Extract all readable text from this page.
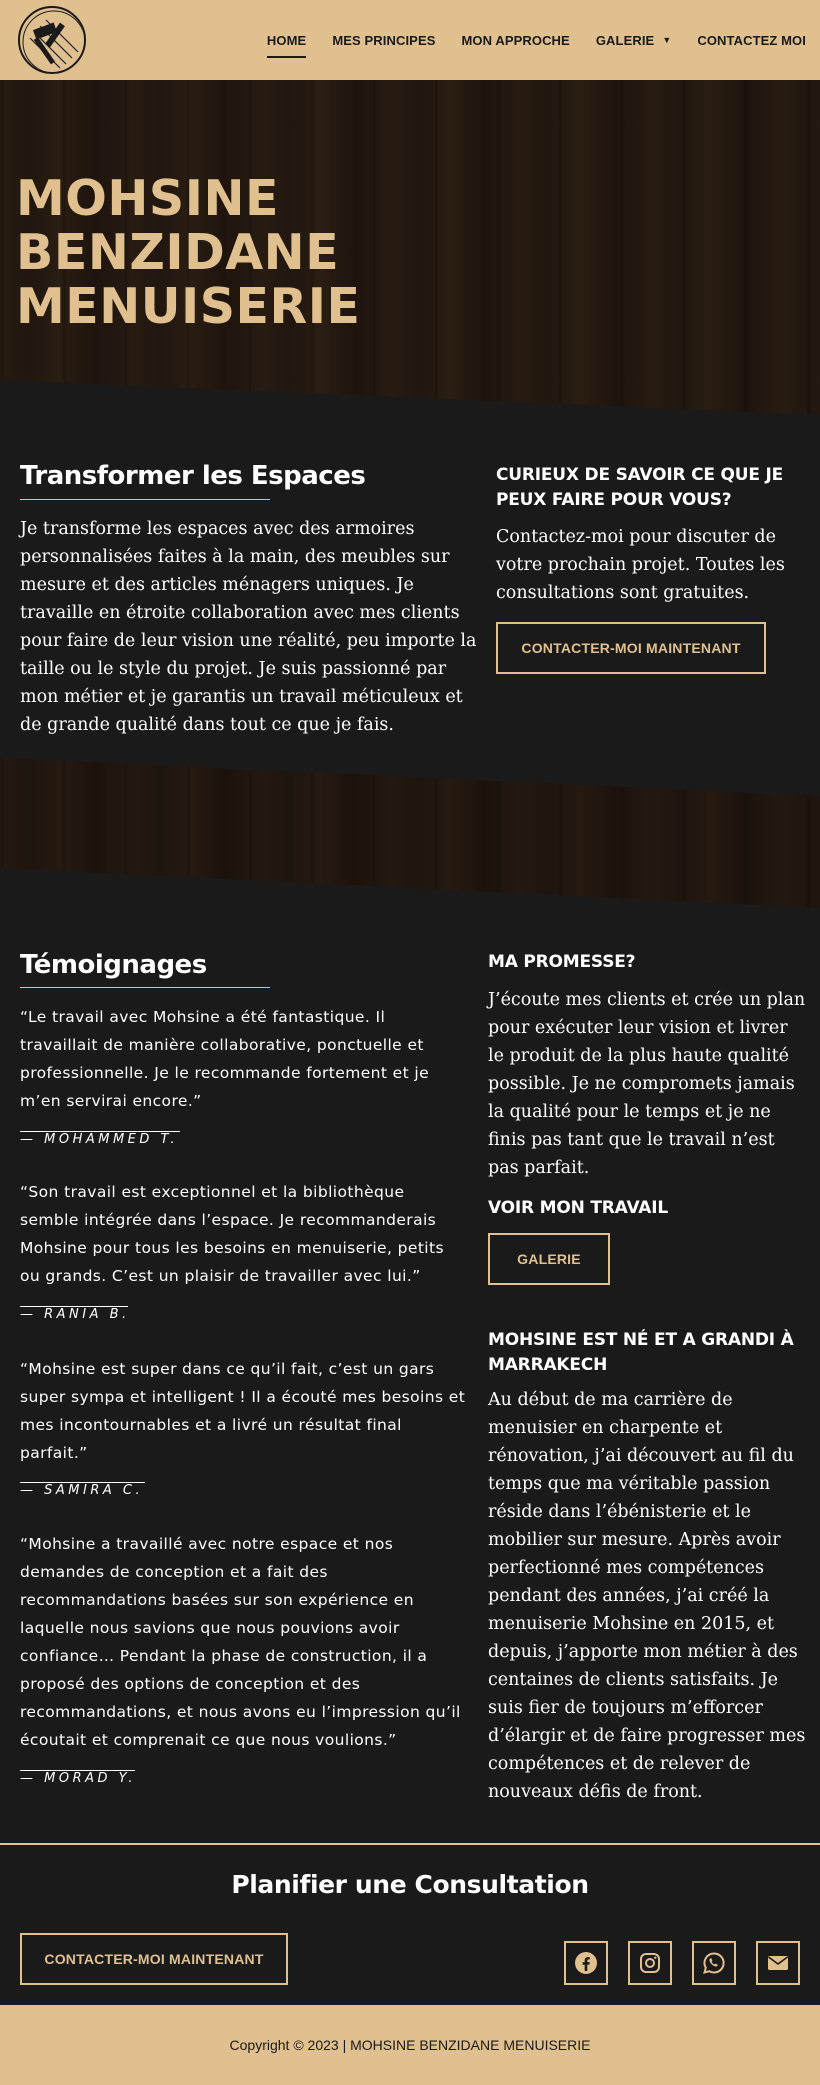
HOME MES PRINCIPES MON APPROCHE GALERIE ▼ CONTACTEZ MOI
MOHSINE
BENZIDANE
MENUISERIE
Transformer les Espaces
Je transforme les espaces avec des armoires personnalisées faites à la main, des meubles sur mesure et des articles ménagers uniques. Je travaille en étroite collaboration avec mes clients pour faire de leur vision une réalité, peu importe la taille ou le style du projet. Je suis passionné par mon métier et je garantis un travail méticuleux et de grande qualité dans tout ce que je fais.
CURIEUX DE SAVOIR CE QUE JE PEUX FAIRE POUR VOUS?
Contactez-moi pour discuter de votre prochain projet. Toutes les consultations sont gratuites.
CONTACTER-MOI MAINTENANT
Témoignages
“Le travail avec Mohsine a été fantastique. Il travaillait de manière collaborative, ponctuelle et professionnelle. Je le recommande fortement et je m’en servirai encore.”
— MOHAMMED T.
“Son travail est exceptionnel et la bibliothèque semble intégrée dans l’espace. Je recommanderais Mohsine pour tous les besoins en menuiserie, petits ou grands. C’est un plaisir de travailler avec lui.”
— RANIA B.
“Mohsine est super dans ce qu’il fait, c’est un gars super sympa et intelligent ! Il a écouté mes besoins et mes incontournables et a livré un résultat final parfait.”
— SAMIRA C.
“Mohsine a travaillé avec notre espace et nos demandes de conception et a fait des recommandations basées sur son expérience en laquelle nous savions que nous pouvions avoir confiance… Pendant la phase de construction, il a proposé des options de conception et des recommandations, et nous avons eu l’impression qu’il écoutait et comprenait ce que nous voulions.”
— MORAD Y.
MA PROMESSE?
J’écoute mes clients et crée un plan pour exécuter leur vision et livrer le produit de la plus haute qualité possible. Je ne compromets jamais la qualité pour le temps et je ne finis pas tant que le travail n’est pas parfait.
VOIR MON TRAVAIL
GALERIE
MOHSINE EST NÉ ET A GRANDI À MARRAKECH
Au début de ma carrière de menuisier en charpente et rénovation, j’ai découvert au fil du temps que ma véritable passion réside dans l’ébénisterie et le mobilier sur mesure. Après avoir perfectionné mes compétences pendant des années, j’ai créé la menuiserie Mohsine en 2015, et depuis, j’apporte mon métier à des centaines de clients satisfaits. Je suis fier de toujours m’efforcer d’élargir et de faire progresser mes compétences et de relever de nouveaux défis de front.
Planifier une Consultation
CONTACTER-MOI MAINTENANT
Copyright © 2023 | MOHSINE BENZIDANE MENUISERIE
